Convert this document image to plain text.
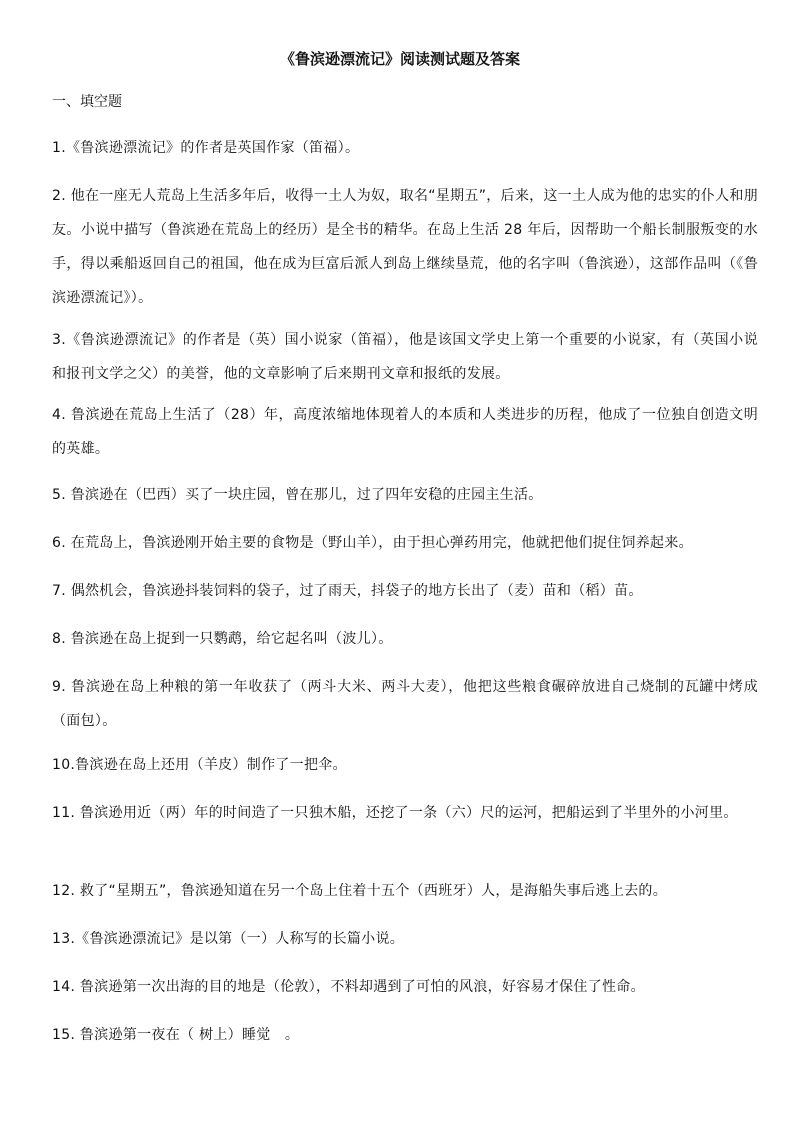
《鲁滨逊漂流记》阅读测试题及答案
一、填空题
1.《鲁滨逊漂流记》的作者是英国作家（笛福）。
2. 他在一座无人荒岛上生活多年后，收得一土人为奴，取名“星期五”，后来，这一土人成为他的忠实的仆人和朋友。小说中描写（鲁滨逊在荒岛上的经历）是全书的精华。在岛上生活 28 年后，因帮助一个船长制服叛变的水手，得以乘船返回自己的祖国，他在成为巨富后派人到岛上继续垦荒，他的名字叫（鲁滨逊），这部作品叫（《鲁滨逊漂流记》）。
3.《鲁滨逊漂流记》的作者是（英）国小说家（笛福），他是该国文学史上第一个重要的小说家，有（英国小说和报刊文学之父）的美誉，他的文章影响了后来期刊文章和报纸的发展。
4. 鲁滨逊在荒岛上生活了（28）年，高度浓缩地体现着人的本质和人类进步的历程，他成了一位独自创造文明的英雄。
5. 鲁滨逊在（巴西）买了一块庄园，曾在那儿，过了四年安稳的庄园主生活。
6. 在荒岛上，鲁滨逊刚开始主要的食物是（野山羊），由于担心弹药用完，他就把他们捉住饲养起来。
7. 偶然机会，鲁滨逊抖装饲料的袋子，过了雨天，抖袋子的地方长出了（麦）苗和（稻）苗。
8. 鲁滨逊在岛上捉到一只鹦鹉，给它起名叫（波儿）。
9. 鲁滨逊在岛上种粮的第一年收获了（两斗大米、两斗大麦），他把这些粮食碾碎放进自己烧制的瓦罐中烤成（面包）。
10.鲁滨逊在岛上还用（羊皮）制作了一把伞。
11. 鲁滨逊用近（两）年的时间造了一只独木船，还挖了一条（六）尺的运河，把船运到了半里外的小河里。
12. 救了“星期五”，鲁滨逊知道在另一个岛上住着十五个（西班牙）人，是海船失事后逃上去的。
13.《鲁滨逊漂流记》是以第（一）人称写的长篇小说。
14. 鲁滨逊第一次出海的目的地是（伦敦），不料却遇到了可怕的风浪，好容易才保住了性命。
15. 鲁滨逊第一夜在（ 树上）睡觉　。
